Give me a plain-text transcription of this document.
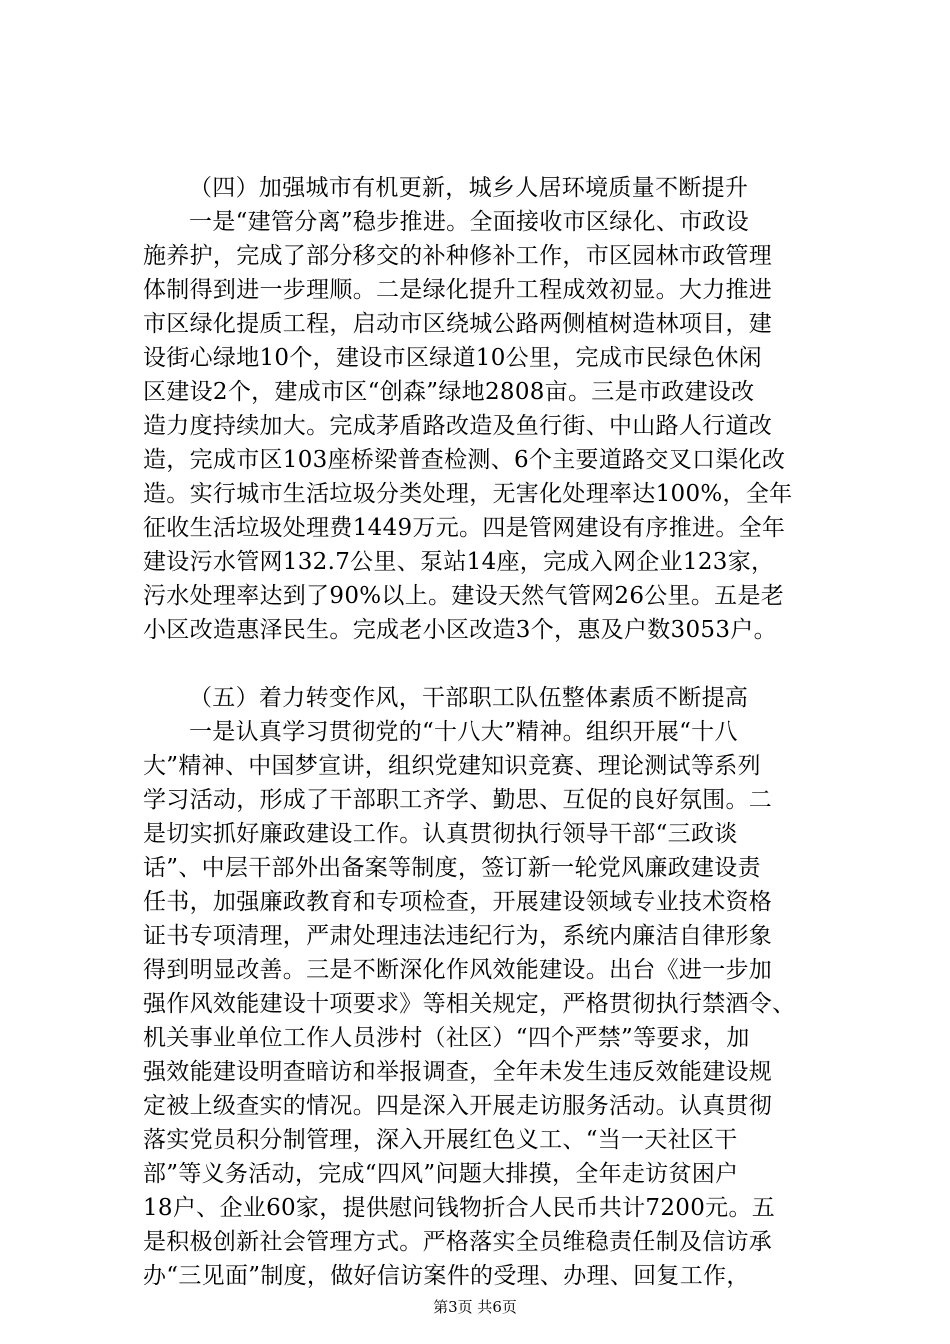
（四）加强城市有机更新，城乡人居环境质量不断提升
一是“建管分离”稳步推进。全面接收市区绿化、市政设
施养护，完成了部分移交的补种修补工作，市区园林市政管理
体制得到进一步理顺。二是绿化提升工程成效初显。大力推进
市区绿化提质工程，启动市区绕城公路两侧植树造林项目，建
设街心绿地10个，建设市区绿道10公里，完成市民绿色休闲
区建设2个，建成市区“创森”绿地2808亩。三是市政建设改
造力度持续加大。完成茅盾路改造及鱼行街、中山路人行道改
造，完成市区103座桥梁普查检测、6个主要道路交叉口渠化改
造。实行城市生活垃圾分类处理，无害化处理率达100%，全年
征收生活垃圾处理费1449万元。四是管网建设有序推进。全年
建设污水管网132.7公里、泵站14座，完成入网企业123家，
污水处理率达到了90%以上。建设天然气管网26公里。五是老
小区改造惠泽民生。完成老小区改造3个，惠及户数3053户。
（五）着力转变作风，干部职工队伍整体素质不断提高
一是认真学习贯彻党的“十八大”精神。组织开展“十八
大”精神、中国梦宣讲，组织党建知识竞赛、理论测试等系列
学习活动，形成了干部职工齐学、勤思、互促的良好氛围。二
是切实抓好廉政建设工作。认真贯彻执行领导干部“三政谈
话”、中层干部外出备案等制度，签订新一轮党风廉政建设责
任书，加强廉政教育和专项检查，开展建设领域专业技术资格
证书专项清理，严肃处理违法违纪行为，系统内廉洁自律形象
得到明显改善。三是不断深化作风效能建设。出台《进一步加
强作风效能建设十项要求》等相关规定，严格贯彻执行禁酒令、
机关事业单位工作人员涉村（社区）“四个严禁”等要求，加
强效能建设明查暗访和举报调查，全年未发生违反效能建设规
定被上级查实的情况。四是深入开展走访服务活动。认真贯彻
落实党员积分制管理，深入开展红色义工、“当一天社区干
部”等义务活动，完成“四风”问题大排摸，全年走访贫困户
18户、企业60家，提供慰问钱物折合人民币共计7200元。五
是积极创新社会管理方式。严格落实全员维稳责任制及信访承
办“三见面”制度，做好信访案件的受理、办理、回复工作，
第3页 共6页
